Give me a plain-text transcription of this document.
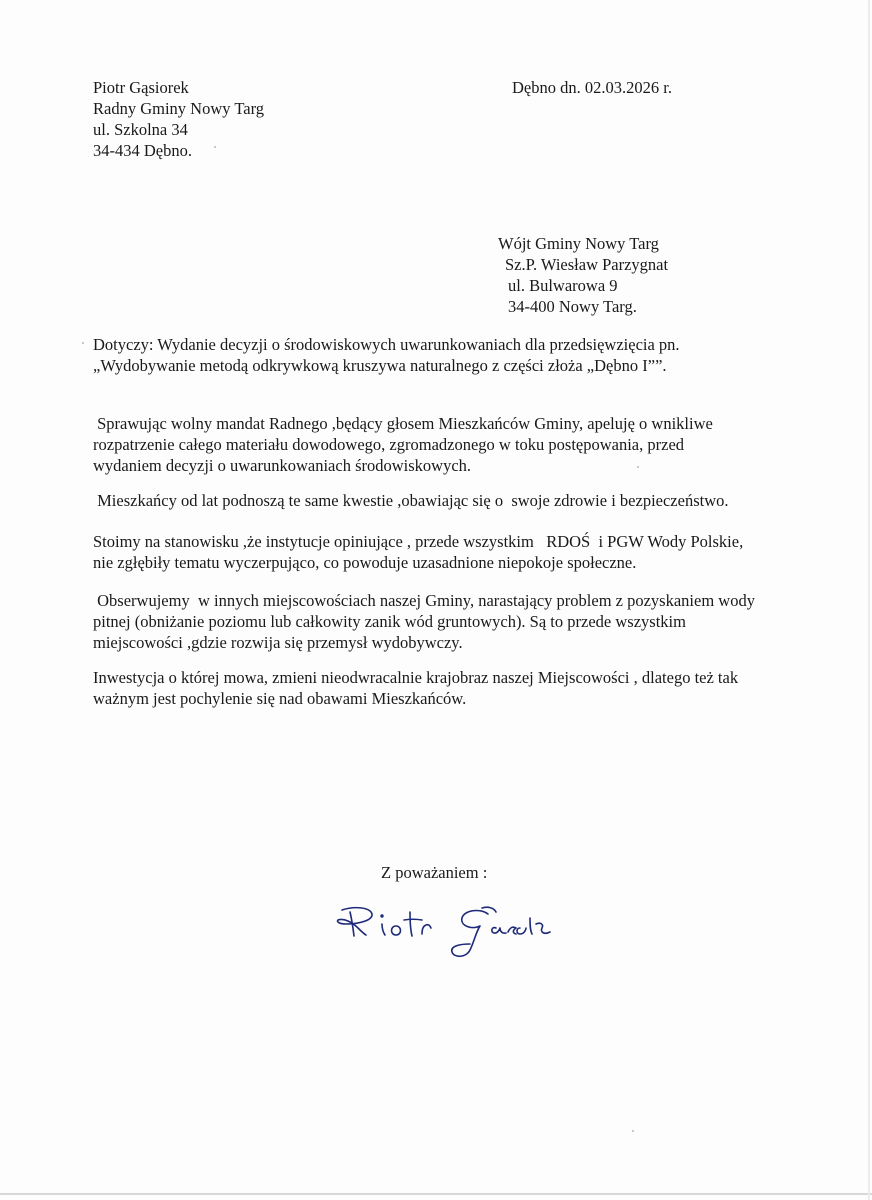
Piotr Gąsiorek
Radny Gminy Nowy Targ
ul. Szkolna 34
34-434 Dębno.
Dębno dn. 02.03.2026 r.
Wójt Gminy Nowy Targ
Sz.P. Wiesław Parzygnat
ul. Bulwarowa 9
34-400 Nowy Targ.
Dotyczy: Wydanie decyzji o środowiskowych uwarunkowaniach dla przedsięwzięcia pn.
„Wydobywanie metodą odkrywkową kruszywa naturalnego z części złoża „Dębno I””.
Sprawując wolny mandat Radnego ,będący głosem Mieszkańców Gminy, apeluję o wnikliwe
rozpatrzenie całego materiału dowodowego, zgromadzonego w toku postępowania, przed
wydaniem decyzji o uwarunkowaniach środowiskowych.
Mieszkańcy od lat podnoszą te same kwestie ,obawiając się o  swoje zdrowie i bezpieczeństwo.
Stoimy na stanowisku ,że instytucje opiniujące , przede wszystkim   RDOŚ  i PGW Wody Polskie,
nie zgłębiły tematu wyczerpująco, co powoduje uzasadnione niepokoje społeczne.
Obserwujemy  w innych miejscowościach naszej Gminy, narastający problem z pozyskaniem wody
pitnej (obniżanie poziomu lub całkowity zanik wód gruntowych). Są to przede wszystkim
miejscowości ,gdzie rozwija się przemysł wydobywczy.
Inwestycja o której mowa, zmieni nieodwracalnie krajobraz naszej Miejscowości , dlatego też tak
ważnym jest pochylenie się nad obawami Mieszkańców.
Z poważaniem :
